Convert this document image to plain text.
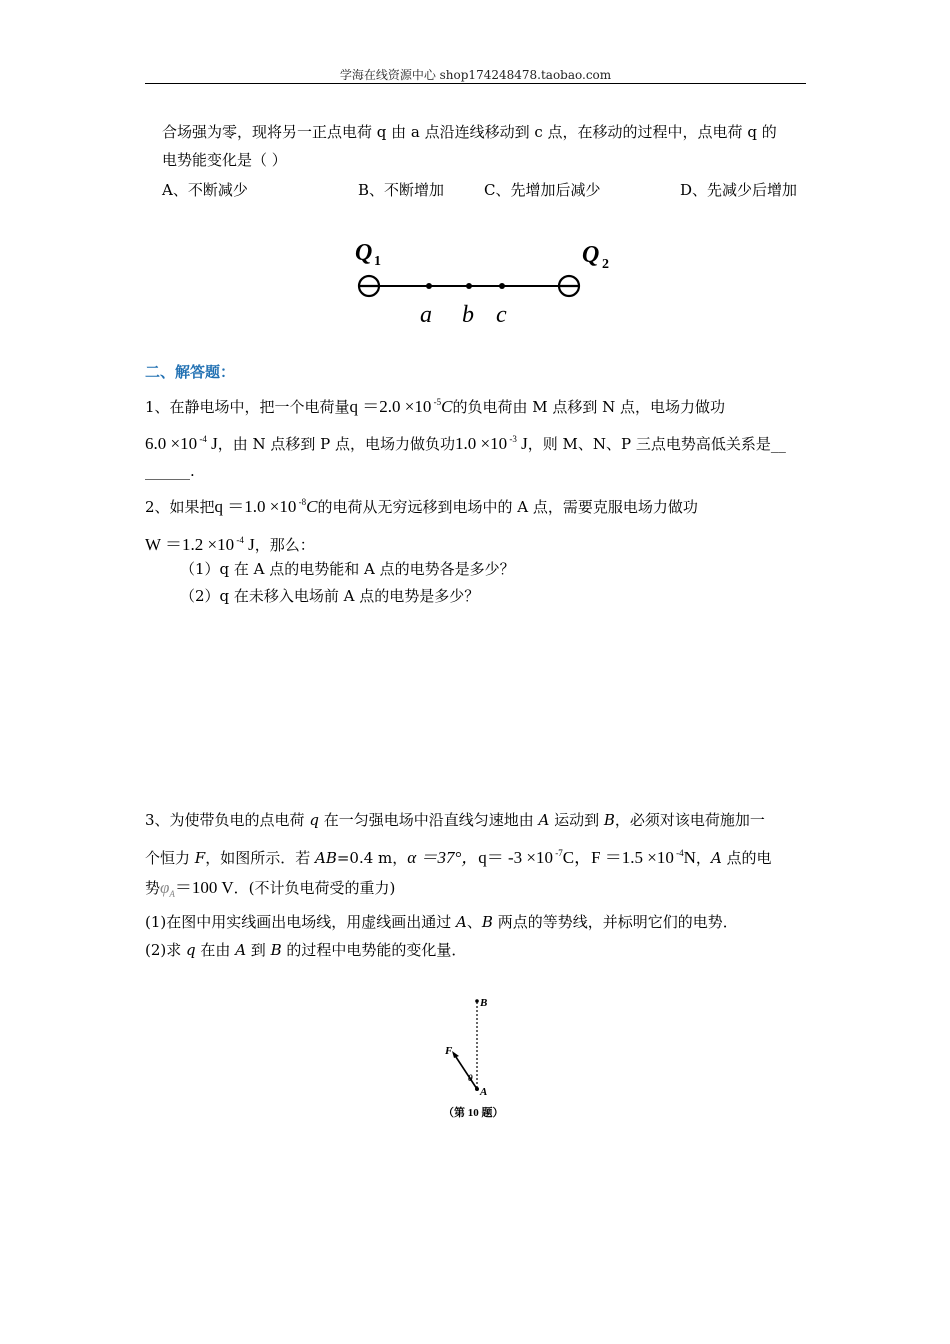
学海在线资源中心 shop174248478.taobao.com
合场强为零，现将另一正点电荷 q 由 a 点沿连线移动到 c 点，在移动的过程中，点电荷 q 的
电势能变化是（ ）
A、不断减少	B、不断增加	C、先增加后减少	D、先减少后增加
Q 1	Q 2
a b c
二、解答题：
1、在静电场中，把一个电荷量q ＝2.0 ×10 $^{-5}$C的负电荷由 M 点移到 N 点，电场力做功
6.0 ×10 $^{-4}$ J，由 N 点移到 P 点，电场力做负功1.0 ×10 $^{-3}$ J，则 M、N、P 三点电势高低关系是__
______.
2、如果把q ＝1.0 ×10 $^{-8}$C的电荷从无穷远移到电场中的 A 点，需要克服电场力做功
W ＝1.2 ×10 $^{-4}$ J，那么：
（1）q 在 A 点的电势能和 A 点的电势各是多少？
（2）q 在未移入电场前 A 点的电势是多少？
3、为使带负电的点电荷 q 在一匀强电场中沿直线匀速地由 A 运动到 B，必须对该电荷施加一
个恒力 F，如图所示．若 AB=0.4 m，α ＝37°，q＝ -3 ×10 $^{-7}$C，F ＝1.5 ×10 $^{-4}$N，A 点的电
势$\varphi_A=100$ V．(不计负电荷受的重力)
(1)在图中用实线画出电场线，用虚线画出通过 A、B 两点的等势线，并标明它们的电势．
(2)求 q 在由 A 到 B 的过程中电势能的变化量．
B
F
θ
A
（第 10 题）
